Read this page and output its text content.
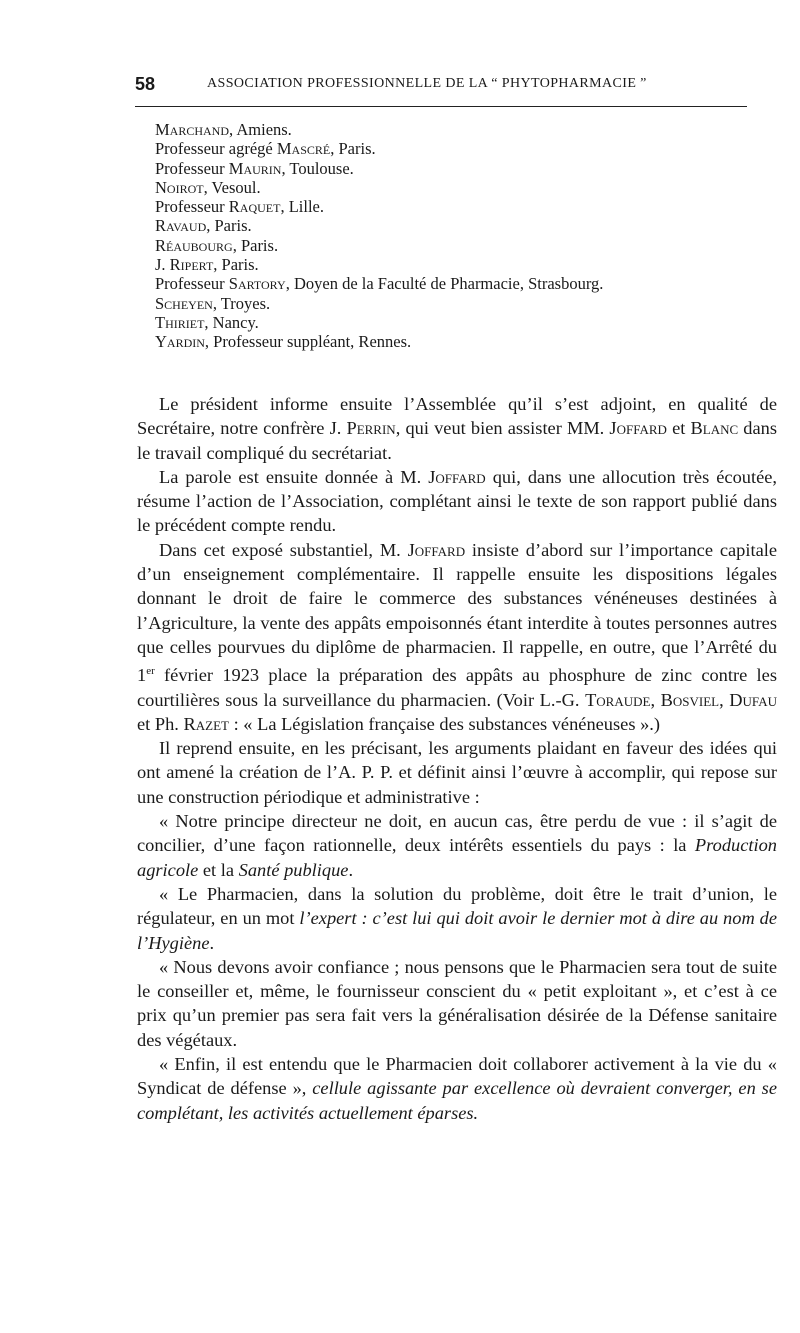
58	ASSOCIATION PROFESSIONNELLE DE LA “ PHYTOPHARMACIE ”
Marchand, Amiens.
Professeur agrégé Mascré, Paris.
Professeur Maurin, Toulouse.
Noirot, Vesoul.
Professeur Raquet, Lille.
Ravaud, Paris.
Réaubourg, Paris.
J. Ripert, Paris.
Professeur Sartory, Doyen de la Faculté de Pharmacie, Strasbourg.
Scheyen, Troyes.
Thiriet, Nancy.
Yardin, Professeur suppléant, Rennes.

Le président informe ensuite l’Assemblée qu’il s’est adjoint, en qualité de Secrétaire, notre confrère J. Perrin, qui veut bien assister MM. Joffard et Blanc dans le travail compliqué du secrétariat.

La parole est ensuite donnée à M. Joffard qui, dans une allocution très écoutée, résume l’action de l’Association, complétant ainsi le texte de son rapport publié dans le précédent compte rendu.

Dans cet exposé substantiel, M. Joffard insiste d’abord sur l’importance capitale d’un enseignement complémentaire. Il rappelle ensuite les dispositions légales donnant le droit de faire le commerce des substances vénéneuses destinées à l’Agriculture, la vente des appâts empoisonnés étant interdite à toutes personnes autres que celles pourvues du diplôme de pharmacien. Il rappelle, en outre, que l’Arrêté du 1er février 1923 place la préparation des appâts au phosphure de zinc contre les courtilières sous la surveillance du pharmacien. (Voir L.-G. Toraude, Bosviel, Dufau et Ph. Razet : « La Législation française des substances vénéneuses ».)

Il reprend ensuite, en les précisant, les arguments plaidant en faveur des idées qui ont amené la création de l’A. P. P. et définit ainsi l’œuvre à accomplir, qui repose sur une construction périodique et administrative :

« Notre principe directeur ne doit, en aucun cas, être perdu de vue : il s’agit de concilier, d’une façon rationnelle, deux intérêts essentiels du pays : la Production agricole et la Santé publique.

« Le Pharmacien, dans la solution du problème, doit être le trait d’union, le régulateur, en un mot l’expert : c’est lui qui doit avoir le dernier mot à dire au nom de l’Hygiène.

« Nous devons avoir confiance ; nous pensons que le Pharmacien sera tout de suite le conseiller et, même, le fournisseur conscient du « petit exploitant », et c’est à ce prix qu’un premier pas sera fait vers la généralisation désirée de la Défense sanitaire des végétaux.

« Enfin, il est entendu que le Pharmacien doit collaborer activement à la vie du « Syndicat de défense », cellule agissante par excellence où devraient converger, en se complétant, les activités actuellement éparses.
